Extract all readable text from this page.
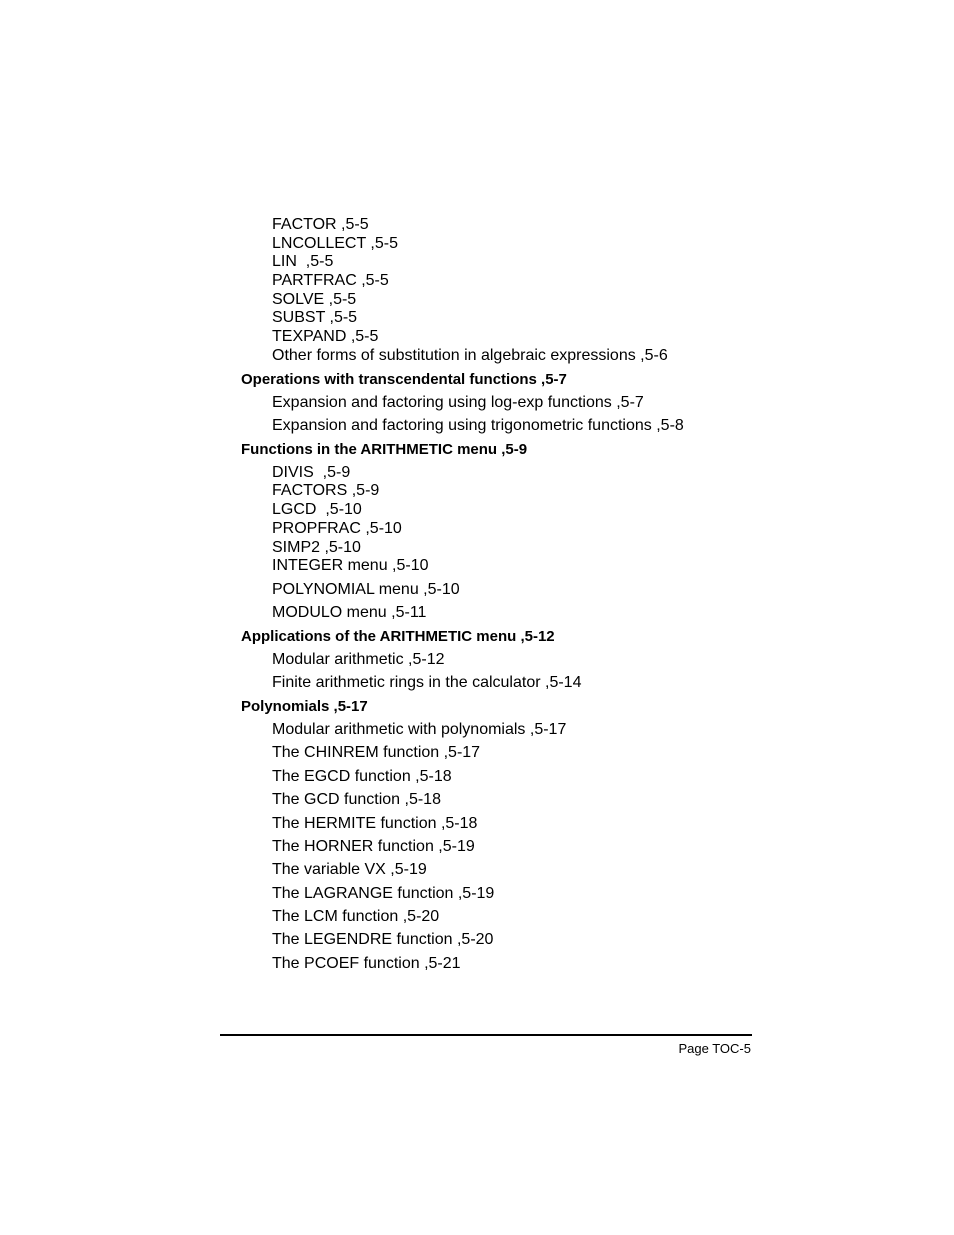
FACTOR ,5-5
LNCOLLECT ,5-5
LIN  ,5-5
PARTFRAC ,5-5
SOLVE ,5-5
SUBST ,5-5
TEXPAND ,5-5
Other forms of substitution in algebraic expressions ,5-6
Operations with transcendental functions ,5-7
Expansion and factoring using log-exp functions ,5-7
Expansion and factoring using trigonometric functions ,5-8
Functions in the ARITHMETIC menu ,5-9
DIVIS  ,5-9
FACTORS ,5-9
LGCD  ,5-10
PROPFRAC ,5-10
SIMP2 ,5-10
INTEGER menu ,5-10
POLYNOMIAL menu ,5-10
MODULO menu ,5-11
Applications of the ARITHMETIC menu ,5-12
Modular arithmetic ,5-12
Finite arithmetic rings in the calculator ,5-14
Polynomials ,5-17
Modular arithmetic with polynomials ,5-17
The CHINREM function ,5-17
The EGCD function ,5-18
The GCD function ,5-18
The HERMITE function ,5-18
The HORNER function ,5-19
The variable VX ,5-19
The LAGRANGE function ,5-19
The LCM function ,5-20
The LEGENDRE function ,5-20
The PCOEF function ,5-21
Page TOC-5
